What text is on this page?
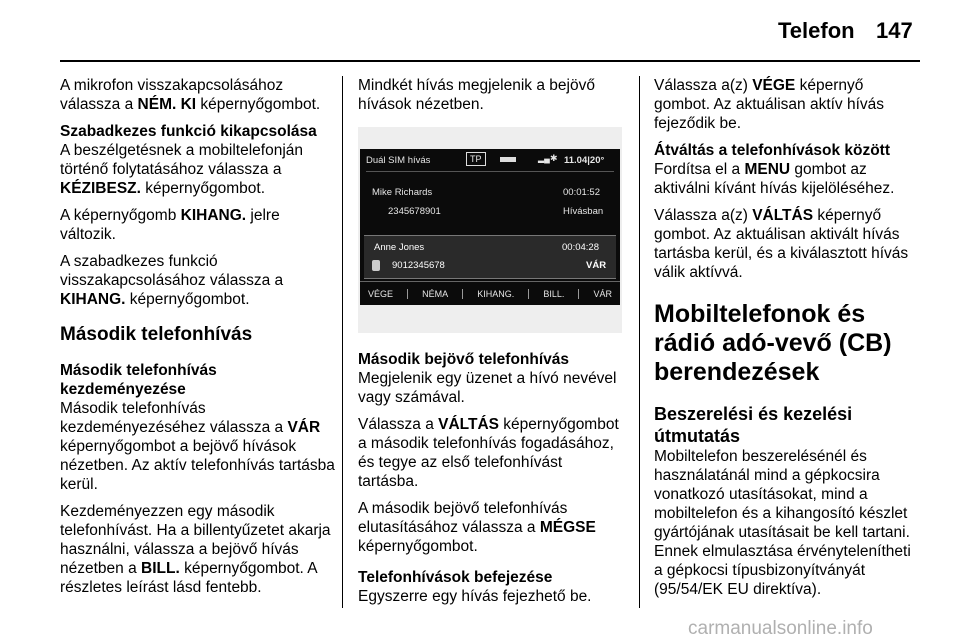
Telefon 147

A mikrofon visszakapcsolásához válassza a NÉM. KI képernyőgombot.

Szabadkezes funkció kikapcsolása

A beszélgetésnek a mobiltelefonján történő folytatásához válassza a KÉZIBESZ. képernyőgombot.

A képernyőgomb KIHANG. jelre változik.

A szabadkezes funkció visszakapcsolásához válassza a KIHANG. képernyőgombot.

Második telefonhívás

Második telefonhívás kezdeményezése

Második telefonhívás kezdeményezéséhez válassza a VÁR képernyőgombot a bejövő hívások nézetben. Az aktív telefonhívás tartásba kerül.

Kezdeményezzen egy második telefonhívást. Ha a billentyűzetet akarja használni, válassza a bejövő hívás nézetben a BILL. képernyőgombot. A részletes leírást lásd fentebb.

Mindkét hívás megjelenik a bejövő hívások nézetben.

Duál SIM hívás	TP	▂▄ ✱ 11.04|20°
Mike Richards
2345678901
00:01:52
Hívásban
Anne Jones
9012345678
00:04:28
VÁR
VÉGE	NÉMA	KIHANG.	BILL.	VÁR

Második bejövő telefonhívás

Megjelenik egy üzenet a hívó nevével vagy számával.

Válassza a VÁLTÁS képernyőgombot a második telefonhívás fogadásához, és tegye az első telefonhívást tartásba.

A második bejövő telefonhívás elutasításához válassza a MÉGSE képernyőgombot.

Telefonhívások befejezése

Egyszerre egy hívás fejezhető be.

Válassza a(z) VÉGE képernyő gombot. Az aktuálisan aktív hívás fejeződik be.

Átváltás a telefonhívások között

Fordítsa el a MENU gombot az aktiválni kívánt hívás kijelöléséhez.

Válassza a(z) VÁLTÁS képernyő gombot. Az aktuálisan aktivált hívás tartásba kerül, és a kiválasztott hívás válik aktívvá.

Mobiltelefonok és rádió adó-vevő (CB) berendezések
Beszerelési és kezelési útmutatás

Mobiltelefon beszerelésénél és használatánál mind a gépkocsira vonatkozó utasításokat, mind a mobiltelefon és a kihangosító készlet gyártójának utasításait be kell tartani. Ennek elmulasztása érvénytelenítheti a gépkocsi típusbizonyítványát (95/54/EK EU direktíva).

carmanualsonline.info
